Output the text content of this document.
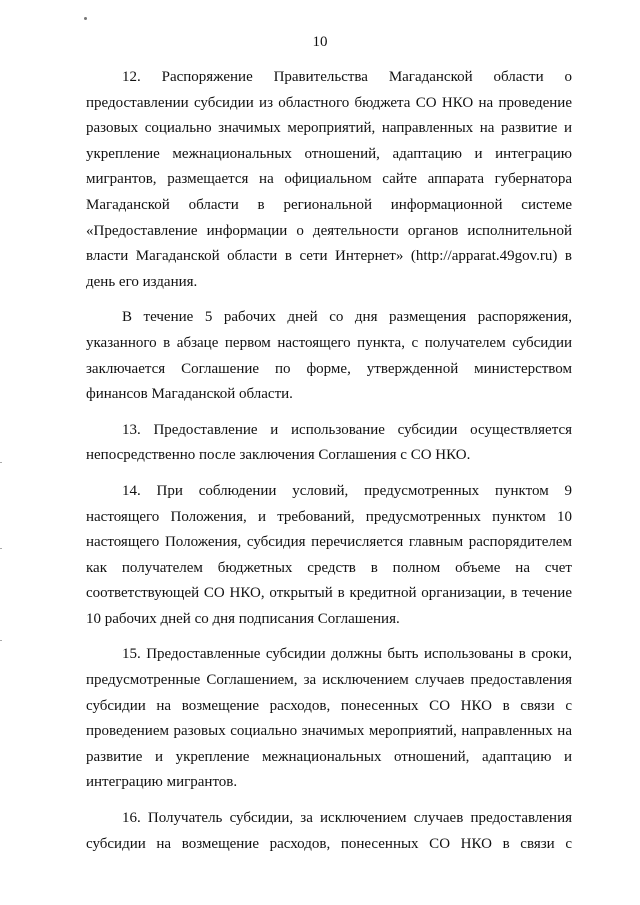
10

12. Распоряжение Правительства Магаданской области о предоставлении субсидии из областного бюджета СО НКО на проведение разовых социально значимых мероприятий, направленных на развитие и укрепление межнациональных отношений, адаптацию и интеграцию мигрантов, размещается на официальном сайте аппарата губернатора Магаданской области в региональной информационной системе «Предоставление информации о деятельности органов исполнительной власти Магаданской области в сети Интернет» (http://apparat.49gov.ru) в день его издания.

В течение 5 рабочих дней со дня размещения распоряжения, указанного в абзаце первом настоящего пункта, с получателем субсидии заключается Соглашение по форме, утвержденной министерством финансов Магаданской области.

13. Предоставление и использование субсидии осуществляется непосредственно после заключения Соглашения с СО НКО.

14. При соблюдении условий, предусмотренных пунктом 9 настоящего Положения, и требований, предусмотренных пунктом 10 настоящего Положения, субсидия перечисляется главным распорядителем как получателем бюджетных средств в полном объеме на счет соответствующей СО НКО, открытый в кредитной организации, в течение 10 рабочих дней со дня подписания Соглашения.

15. Предоставленные субсидии должны быть использованы в сроки, предусмотренные Соглашением, за исключением случаев предоставления субсидии на возмещение расходов, понесенных СО НКО в связи с проведением разовых социально значимых мероприятий, направленных на развитие и укрепление межнациональных отношений, адаптацию и интеграцию мигрантов.

16. Получатель субсидии, за исключением случаев предоставления субсидии на возмещение расходов, понесенных СО НКО в связи с
